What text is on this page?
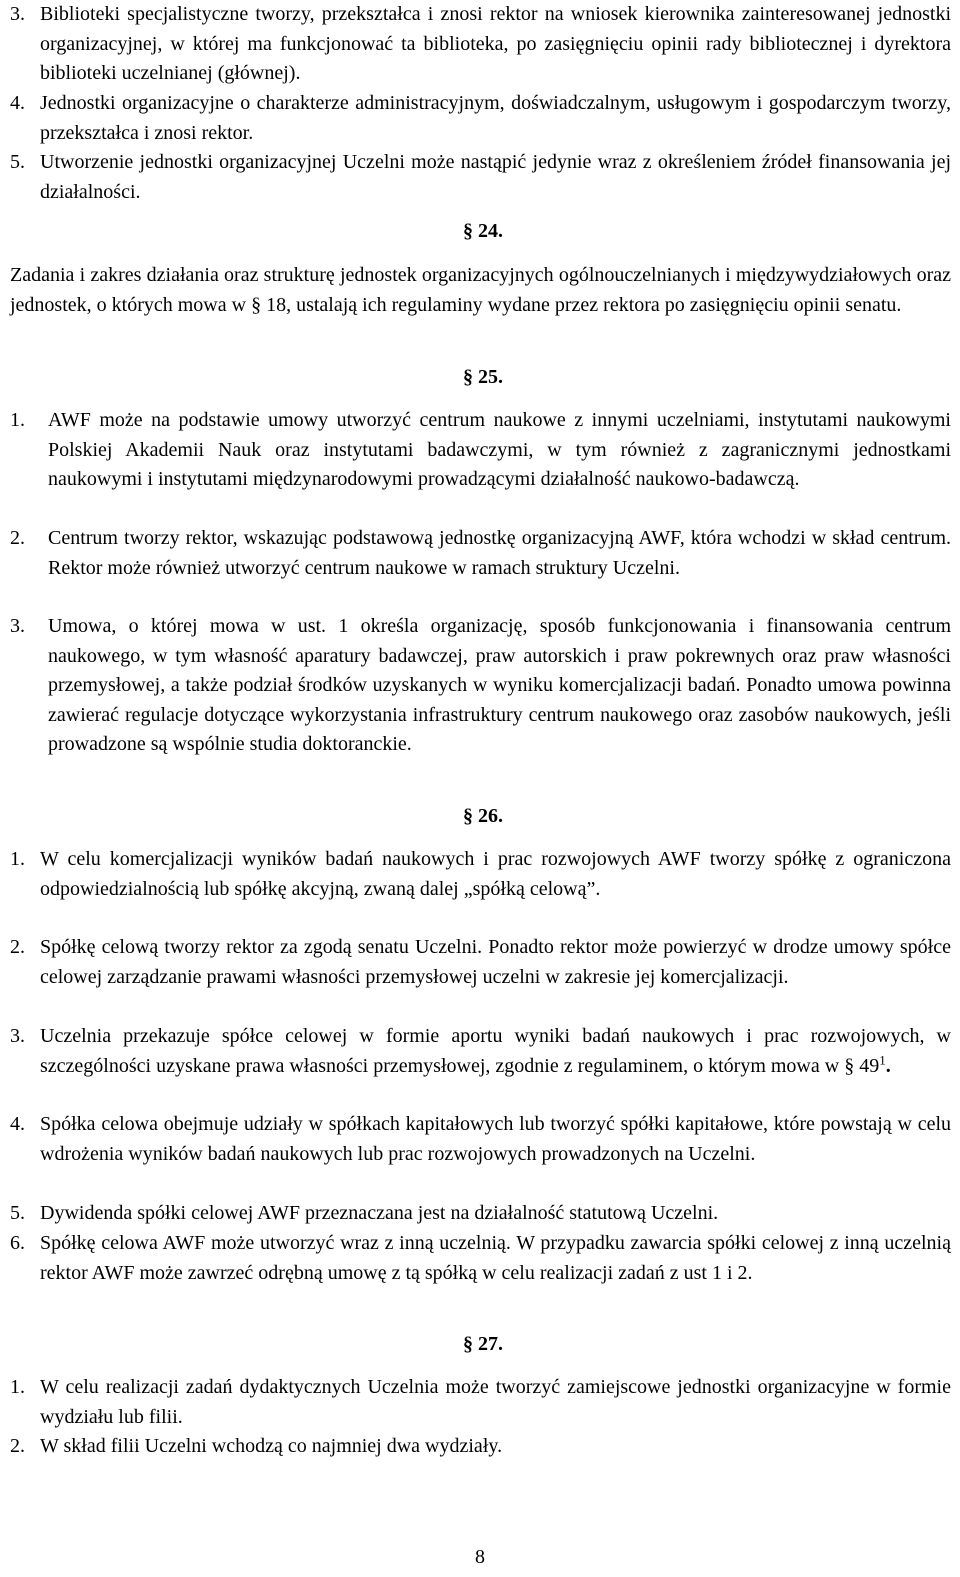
3. Biblioteki specjalistyczne tworzy, przekształca i znosi rektor na wniosek kierownika zainteresowanej jednostki organizacyjnej, w której ma funkcjonować ta biblioteka, po zasięgnięciu opinii rady bibliotecznej i dyrektora biblioteki uczelnianej (głównej).
4. Jednostki organizacyjne o charakterze administracyjnym, doświadczalnym, usługowym i gospodarczym tworzy, przekształca i znosi rektor.
5. Utworzenie jednostki organizacyjnej Uczelni może nastąpić jedynie wraz z określeniem źródeł finansowania jej działalności.
§ 24.
Zadania i zakres działania oraz strukturę jednostek organizacyjnych ogólnouczelnianych i międzywydziałowych oraz jednostek, o których mowa w § 18, ustalają ich regulaminy wydane przez rektora po zasięgnięciu opinii senatu.
§ 25.
1. AWF może na podstawie umowy utworzyć centrum naukowe z innymi uczelniami, instytutami naukowymi Polskiej Akademii Nauk oraz instytutami badawczymi, w tym również z zagranicznymi jednostkami naukowymi i instytutami międzynarodowymi prowadzącymi działalność naukowo-badawczą.
2. Centrum tworzy rektor, wskazując podstawową jednostkę organizacyjną AWF, która wchodzi w skład centrum. Rektor może również utworzyć centrum naukowe w ramach struktury Uczelni.
3. Umowa, o której mowa w ust. 1 określa organizację, sposób funkcjonowania i finansowania centrum naukowego, w tym własność aparatury badawczej, praw autorskich i praw pokrewnych oraz praw własności przemysłowej, a także podział środków uzyskanych w wyniku komercjalizacji badań. Ponadto umowa powinna zawierać regulacje dotyczące wykorzystania infrastruktury centrum naukowego oraz zasobów naukowych, jeśli prowadzone są wspólnie studia doktoranckie.
§ 26.
1. W celu komercjalizacji wyników badań naukowych i prac rozwojowych AWF tworzy spółkę z ograniczona odpowiedzialnością lub spółkę akcyjną, zwaną dalej „spółką celową”.
2. Spółkę celową tworzy rektor za zgodą senatu Uczelni. Ponadto rektor może powierzyć w drodze umowy spółce celowej zarządzanie prawami własności przemysłowej uczelni w zakresie jej komercjalizacji.
3. Uczelnia przekazuje spółce celowej w formie aportu wyniki badań naukowych i prac rozwojowych, w szczególności uzyskane prawa własności przemysłowej, zgodnie z regulaminem, o którym mowa w § $49^1$.
4. Spółka celowa obejmuje udziały w spółkach kapitałowych lub tworzyć spółki kapitałowe, które powstają w celu wdrożenia wyników badań naukowych lub prac rozwojowych prowadzonych na Uczelni.
5. Dywidenda spółki celowej AWF przeznaczana jest na działalność statutową Uczelni.
6. Spółkę celowa AWF może utworzyć wraz z inną uczelnią. W przypadku zawarcia spółki celowej z inną uczelnią rektor AWF może zawrzeć odrębną umowę z tą spółką w celu realizacji zadań z ust 1 i 2.
§ 27.
1. W celu realizacji zadań dydaktycznych Uczelnia może tworzyć zamiejscowe jednostki organizacyjne w formie wydziału lub filii.
2. W skład filii Uczelni wchodzą co najmniej dwa wydziały.
8
